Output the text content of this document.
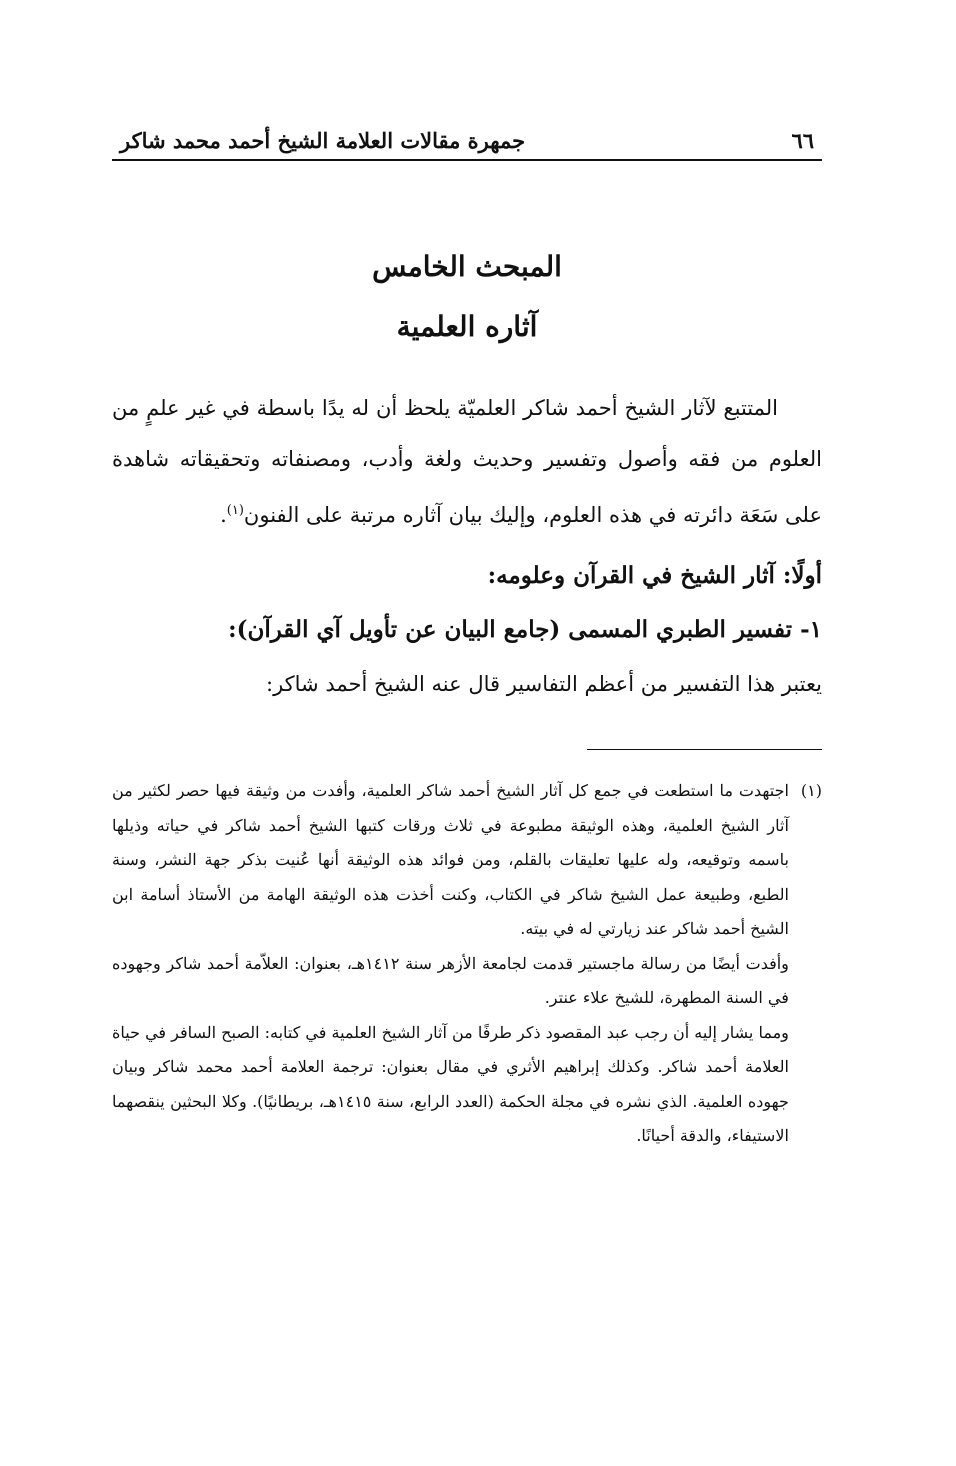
٦٦
جمهرة مقالات العلامة الشيخ أحمد محمد شاكر
المبحث الخامس
آثاره العلمية

المتتبع لآثار الشيخ أحمد شاكر العلميّة يلحظ أن له يدًا باسطة في غير علمٍ من العلوم من فقه وأصول وتفسير وحديث ولغة وأدب، ومصنفاته وتحقيقاته شاهدة على سَعَة دائرته في هذه العلوم، وإليك بيان آثاره مرتبة على الفنون$^{(١)}$.

أولًا: آثار الشيخ في القرآن وعلومه:
١- تفسير الطبري المسمى (جامع البيان عن تأويل آي القرآن):
يعتبر هذا التفسير من أعظم التفاسير قال عنه الشيخ أحمد شاكر:
(١)

اجتهدت ما استطعت في جمع كل آثار الشيخ أحمد شاكر العلمية، وأفدت من وثيقة فيها حصر لكثير من آثار الشيخ العلمية، وهذه الوثيقة مطبوعة في ثلاث ورقات كتبها الشيخ أحمد شاكر في حياته وذيلها باسمه وتوقيعه، وله عليها تعليقات بالقلم، ومن فوائد هذه الوثيقة أنها عُنيت بذكر جهة النشر، وسنة الطبع، وطبيعة عمل الشيخ شاكر في الكتاب، وكنت أخذت هذه الوثيقة الهامة من الأستاذ أسامة ابن الشيخ أحمد شاكر عند زيارتي له في بيته.

وأفدت أيضًا من رسالة ماجستير قدمت لجامعة الأزهر سنة ١٤١٢هـ، بعنوان: العلاّمة أحمد شاكر وجهوده في السنة المطهرة، للشيخ علاء عنتر.

ومما يشار إليه أن رجب عبد المقصود ذكر طرفًا من آثار الشيخ العلمية في كتابه: الصبح السافر في حياة العلامة أحمد شاكر. وكذلك إبراهيم الأثري في مقال بعنوان: ترجمة العلامة أحمد محمد شاكر وبيان جهوده العلمية. الذي نشره في مجلة الحكمة (العدد الرابع، سنة ١٤١٥هـ، بريطانيًا). وكلا البحثين ينقصهما الاستيفاء، والدقة أحيانًا.
